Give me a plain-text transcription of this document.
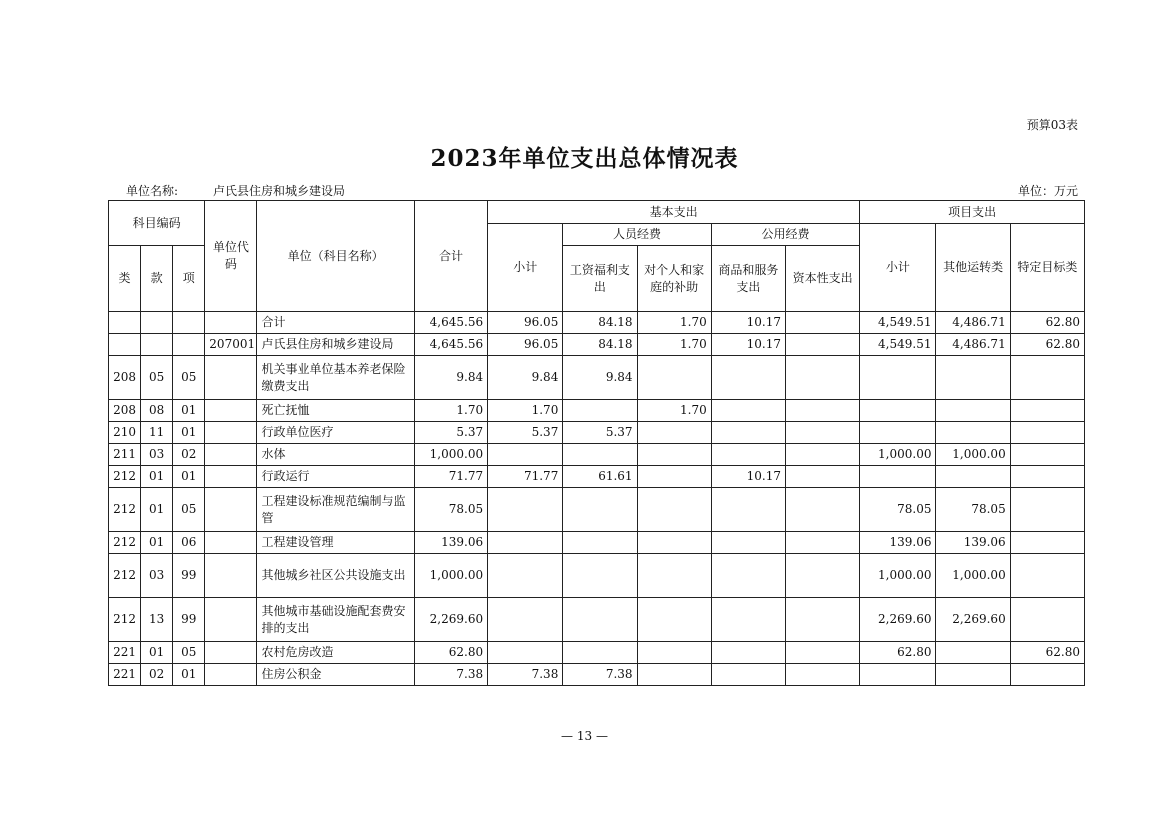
预算03表
2023年单位支出总体情况表
单位名称:	卢氏县住房和城乡建设局	单位：万元
科目编码			单位代码	单位（科目名称）	合计	基本支出					项目支出		
						小计	人员经费		公用经费		小计	其他运转类	特定目标类
类	款	项					工资福利支出	对个人和家庭的补助	商品和服务支出	资本性支出			
				合计	4,645.56	96.05	84.18	1.70	10.17		4,549.51	4,486.71	62.80
			207001	卢氏县住房和城乡建设局	4,645.56	96.05	84.18	1.70	10.17		4,549.51	4,486.71	62.80
208	05	05		机关事业单位基本养老保险缴费支出	9.84	9.84	9.84						
208	08	01		死亡抚恤	1.70	1.70		1.70					
210	11	01		行政单位医疗	5.37	5.37	5.37						
211	03	02		水体	1,000.00						1,000.00	1,000.00	
212	01	01		行政运行	71.77	71.77	61.61		10.17				
212	01	05		工程建设标准规范编制与监管	78.05						78.05	78.05	
212	01	06		工程建设管理	139.06						139.06	139.06	
212	03	99		其他城乡社区公共设施支出	1,000.00						1,000.00	1,000.00	
212	13	99		其他城市基础设施配套费安排的支出	2,269.60						2,269.60	2,269.60	
221	01	05		农村危房改造	62.80						62.80		62.80
221	02	01		住房公积金	7.38	7.38	7.38						
— 13 —
